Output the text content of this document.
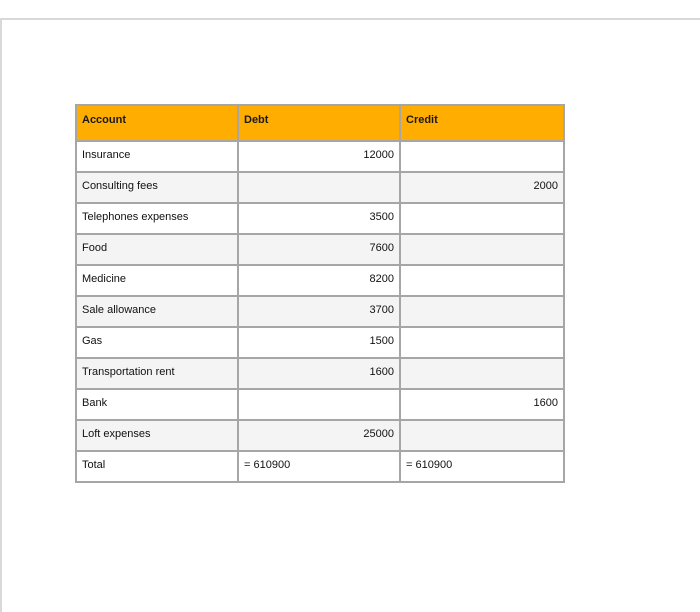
Account	Debt	Credit
Insurance	12000	
Consulting fees		2000
Telephones expenses	3500	
Food	7600	
Medicine	8200	
Sale allowance	3700	
Gas	1500	
Transportation rent	1600	
Bank		1600
Loft expenses	25000	
Total	= 610900	= 610900
